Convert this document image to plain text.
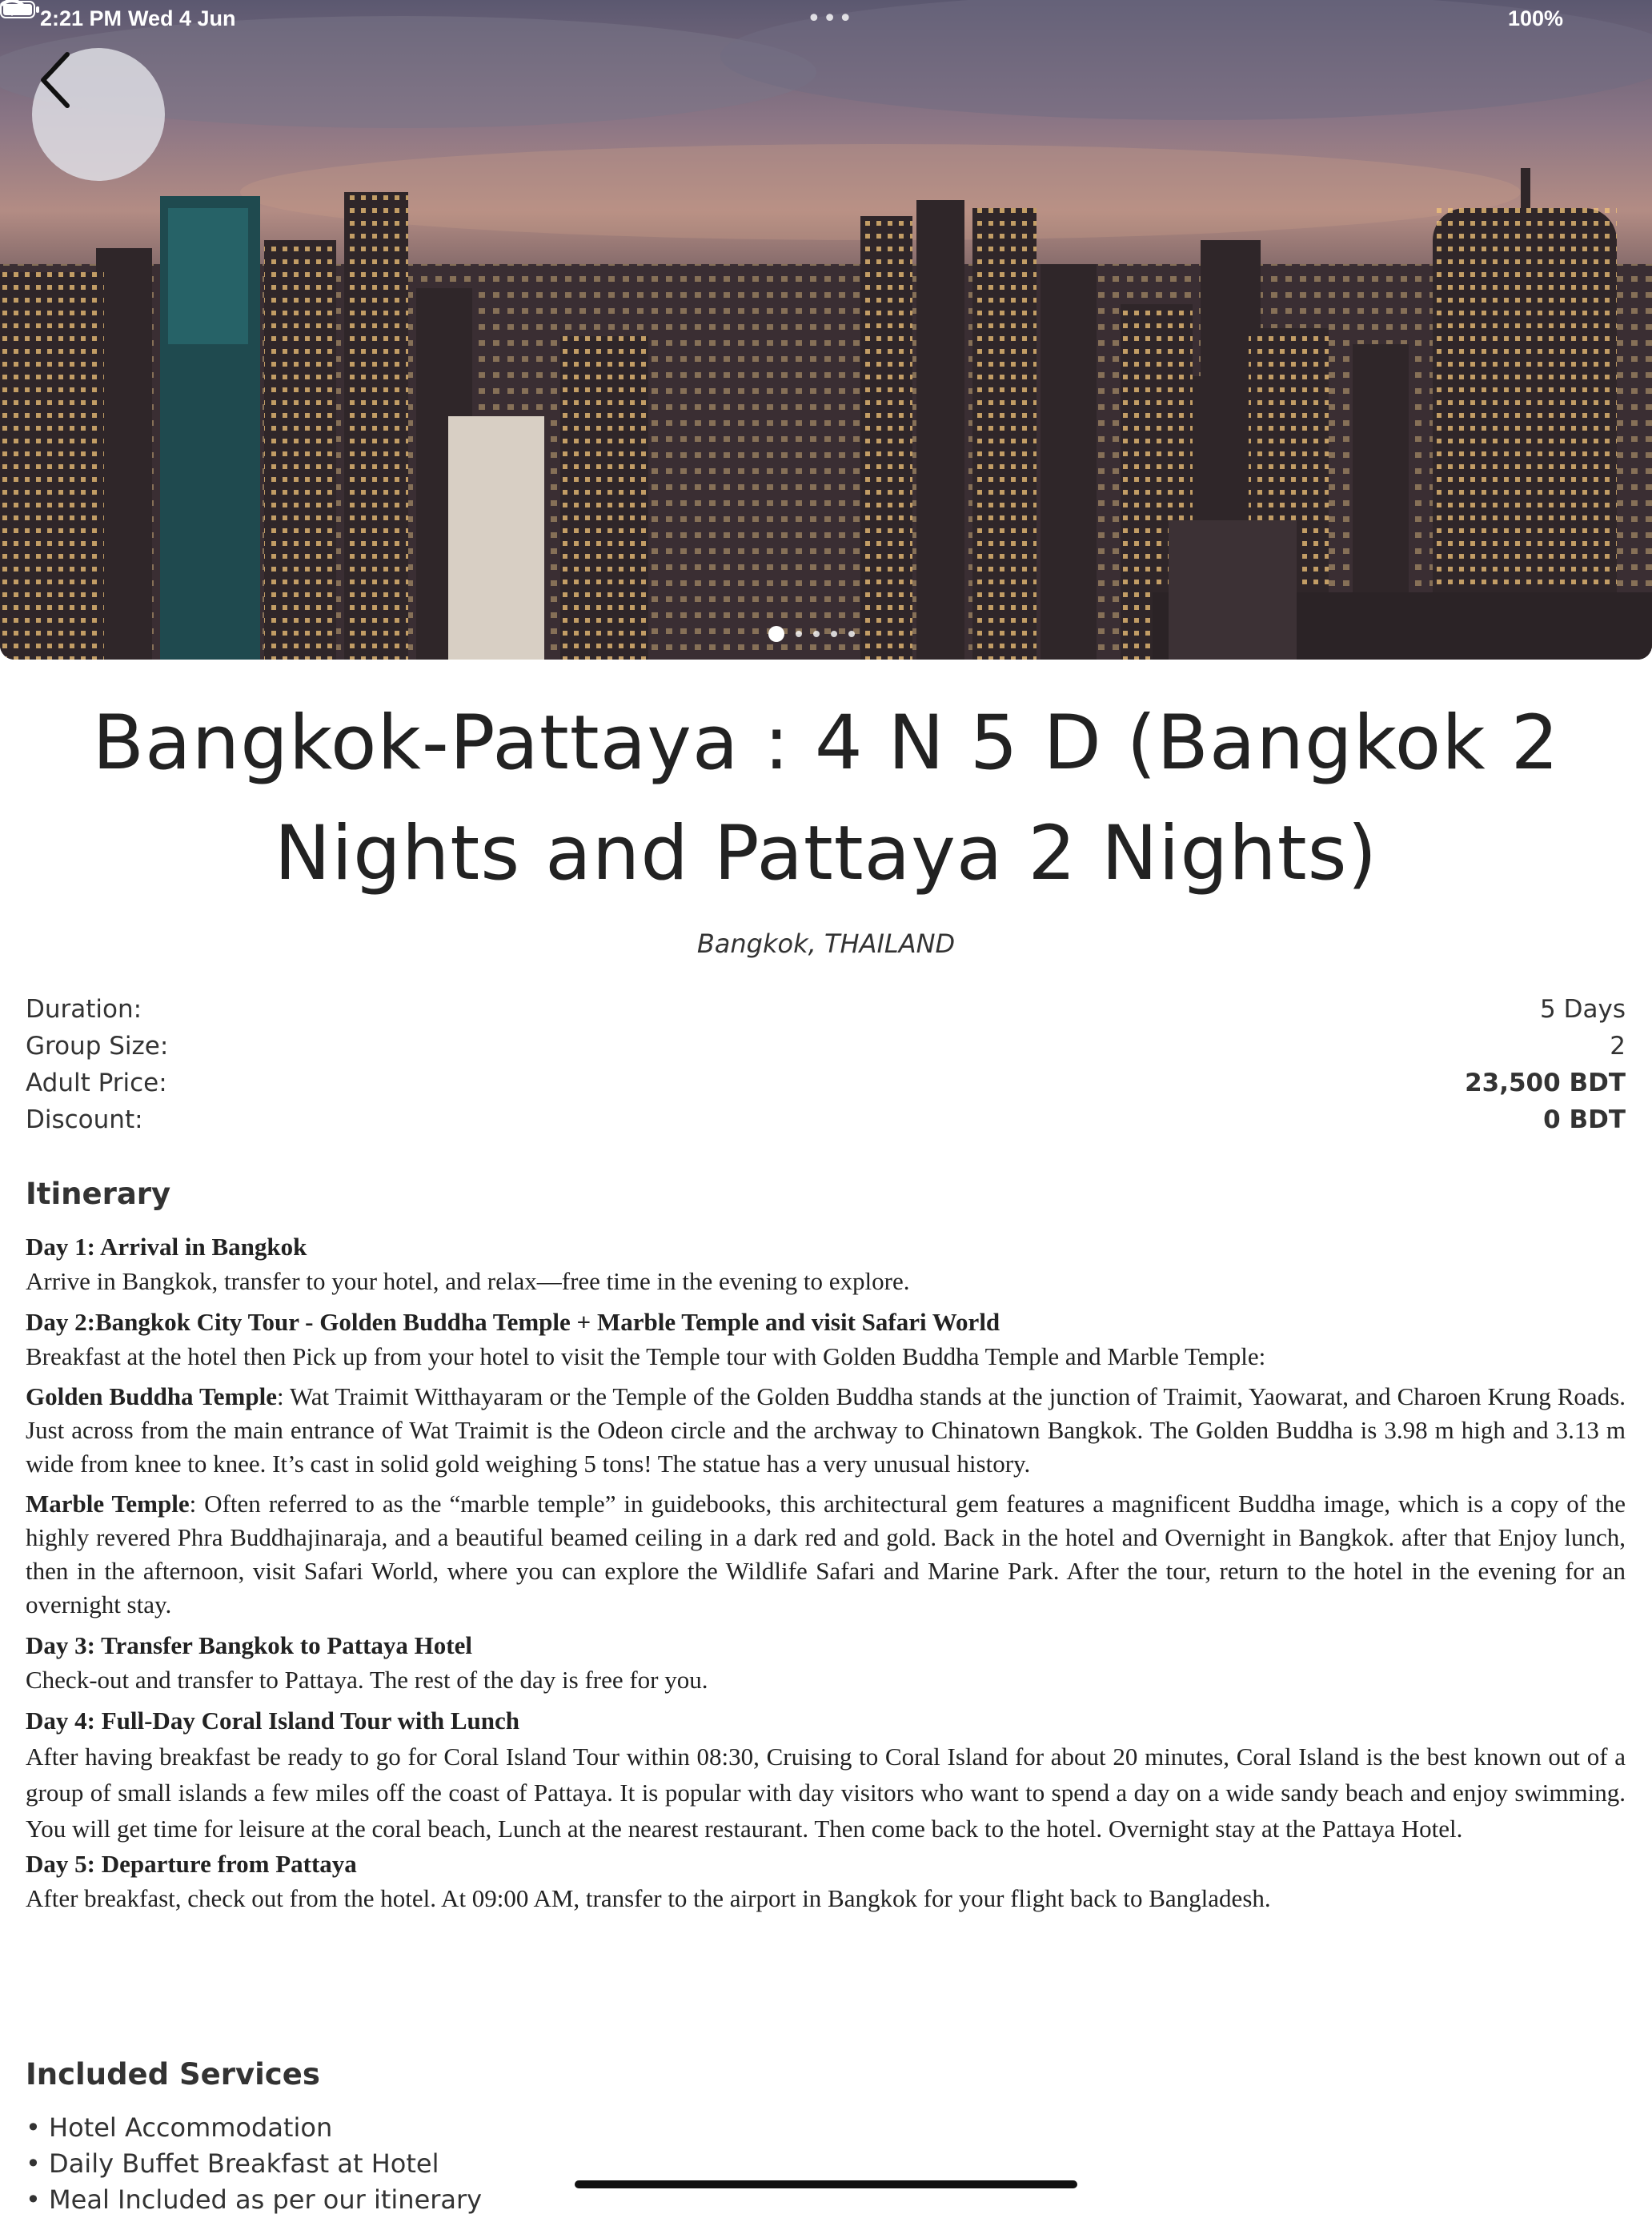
2:21 PM Wed 4 Jun	•••	100%
Bangkok-Pattaya : 4 N 5 D (Bangkok 2 Nights and Pattaya 2 Nights)
Bangkok, THAILAND
Duration:	5 Days
Group Size:	2
Adult Price:	23,500 BDT
Discount:	0 BDT
Itinerary
Day 1: Arrival in Bangkok

Arrive in Bangkok, transfer to your hotel, and relax—free time in the evening to explore.

Day 2:Bangkok City Tour - Golden Buddha Temple + Marble Temple and visit Safari World

Breakfast at the hotel then Pick up from your hotel to visit the Temple tour with Golden Buddha Temple and Marble Temple:

Golden Buddha Temple: Wat Traimit Witthayaram or the Temple of the Golden Buddha stands at the junction of Traimit, Yaowarat, and Charoen Krung Roads. Just across from the main entrance of Wat Traimit is the Odeon circle and the archway to Chinatown Bangkok. The Golden Buddha is 3.98 m high and 3.13 m wide from knee to knee. It’s cast in solid gold weighing 5 tons! The statue has a very unusual history.

Marble Temple: Often referred to as the “marble temple” in guidebooks, this architectural gem features a magnificent Buddha image, which is a copy of the highly revered Phra Buddhajinaraja, and a beautiful beamed ceiling in a dark red and gold. Back in the hotel and Overnight in Bangkok. after that Enjoy lunch, then in the afternoon, visit Safari World, where you can explore the Wildlife Safari and Marine Park. After the tour, return to the hotel in the evening for an overnight stay.

Day 3: Transfer Bangkok to Pattaya Hotel

Check-out and transfer to Pattaya. The rest of the day is free for you.

Day 4: Full-Day Coral Island Tour with Lunch

After having breakfast be ready to go for Coral Island Tour within 08:30, Cruising to Coral Island for about 20 minutes, Coral Island is the best known out of a group of small islands a few miles off the coast of Pattaya. It is popular with day visitors who want to spend a day on a wide sandy beach and enjoy swimming. You will get time for leisure at the coral beach, Lunch at the nearest restaurant. Then come back to the hotel. Overnight stay at the Pattaya Hotel.

Day 5: Departure from Pattaya

After breakfast, check out from the hotel. At 09:00 AM, transfer to the airport in Bangkok for your flight back to Bangladesh.

Included Services
• Hotel Accommodation
• Daily Buffet Breakfast at Hotel
• Meal Included as per our itinerary
